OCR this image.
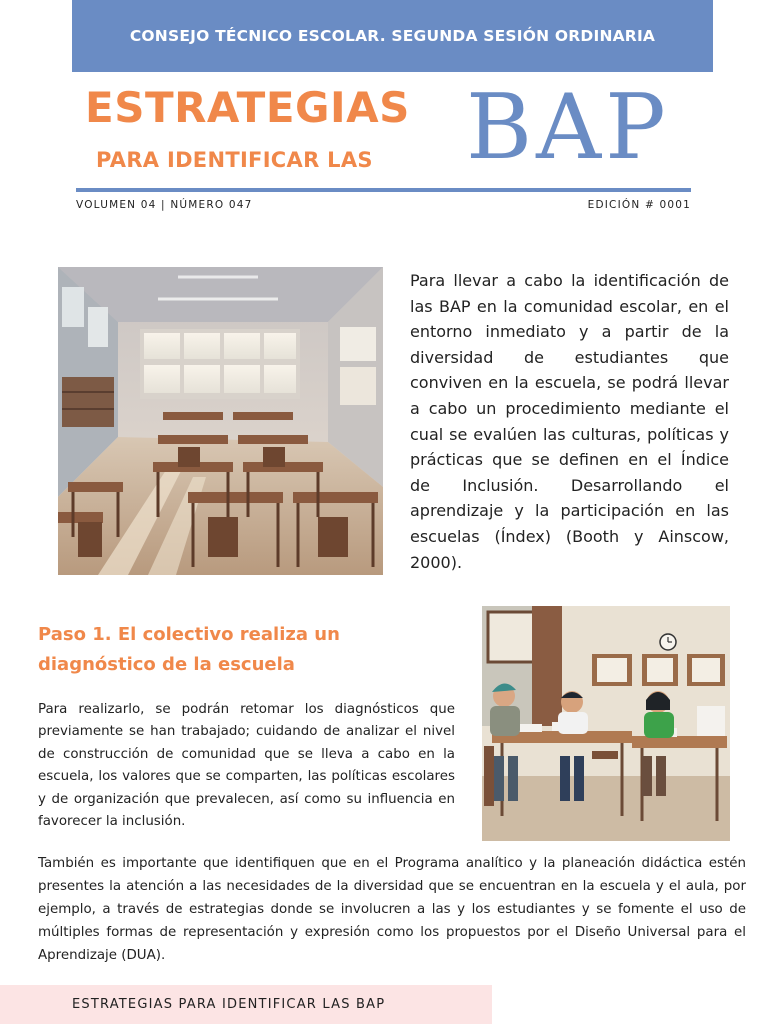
CONSEJO TÉCNICO ESCOLAR. SEGUNDA SESIÓN ORDINARIA
ESTRATEGIAS
PARA IDENTIFICAR LAS BAP
VOLUMEN 04 | NÚMERO 047	EDICIÓN # 0001
Para llevar a cabo la identificación de las BAP en la comunidad escolar, en el entorno inmediato y a partir de la diversidad de estudiantes que conviven en la escuela, se podrá llevar a cabo un procedimiento mediante el cual se evalúen las culturas, políticas y prácticas que se definen en el Índice de Inclusión. Desarrollando el aprendizaje y la participación en las escuelas (Índex) (Booth y Ainscow, 2000).
Paso 1. El colectivo realiza un diagnóstico de la escuela
Para realizarlo, se podrán retomar los diagnósticos que previamente se han trabajado; cuidando de analizar el nivel de construcción de comunidad que se lleva a cabo en la escuela, los valores que se comparten, las políticas escolares y de organización que prevalecen, así como su influencia en favorecer la inclusión.
También es importante que identifiquen que en el Programa analítico y la planeación didáctica estén presentes la atención a las necesidades de la diversidad que se encuentran en la escuela y el aula, por ejemplo, a través de estrategias donde se involucren a las y los estudiantes y se fomente el uso de múltiples formas de representación y expresión como los propuestos por el Diseño Universal para el Aprendizaje (DUA).
ESTRATEGIAS PARA IDENTIFICAR LAS BAP
